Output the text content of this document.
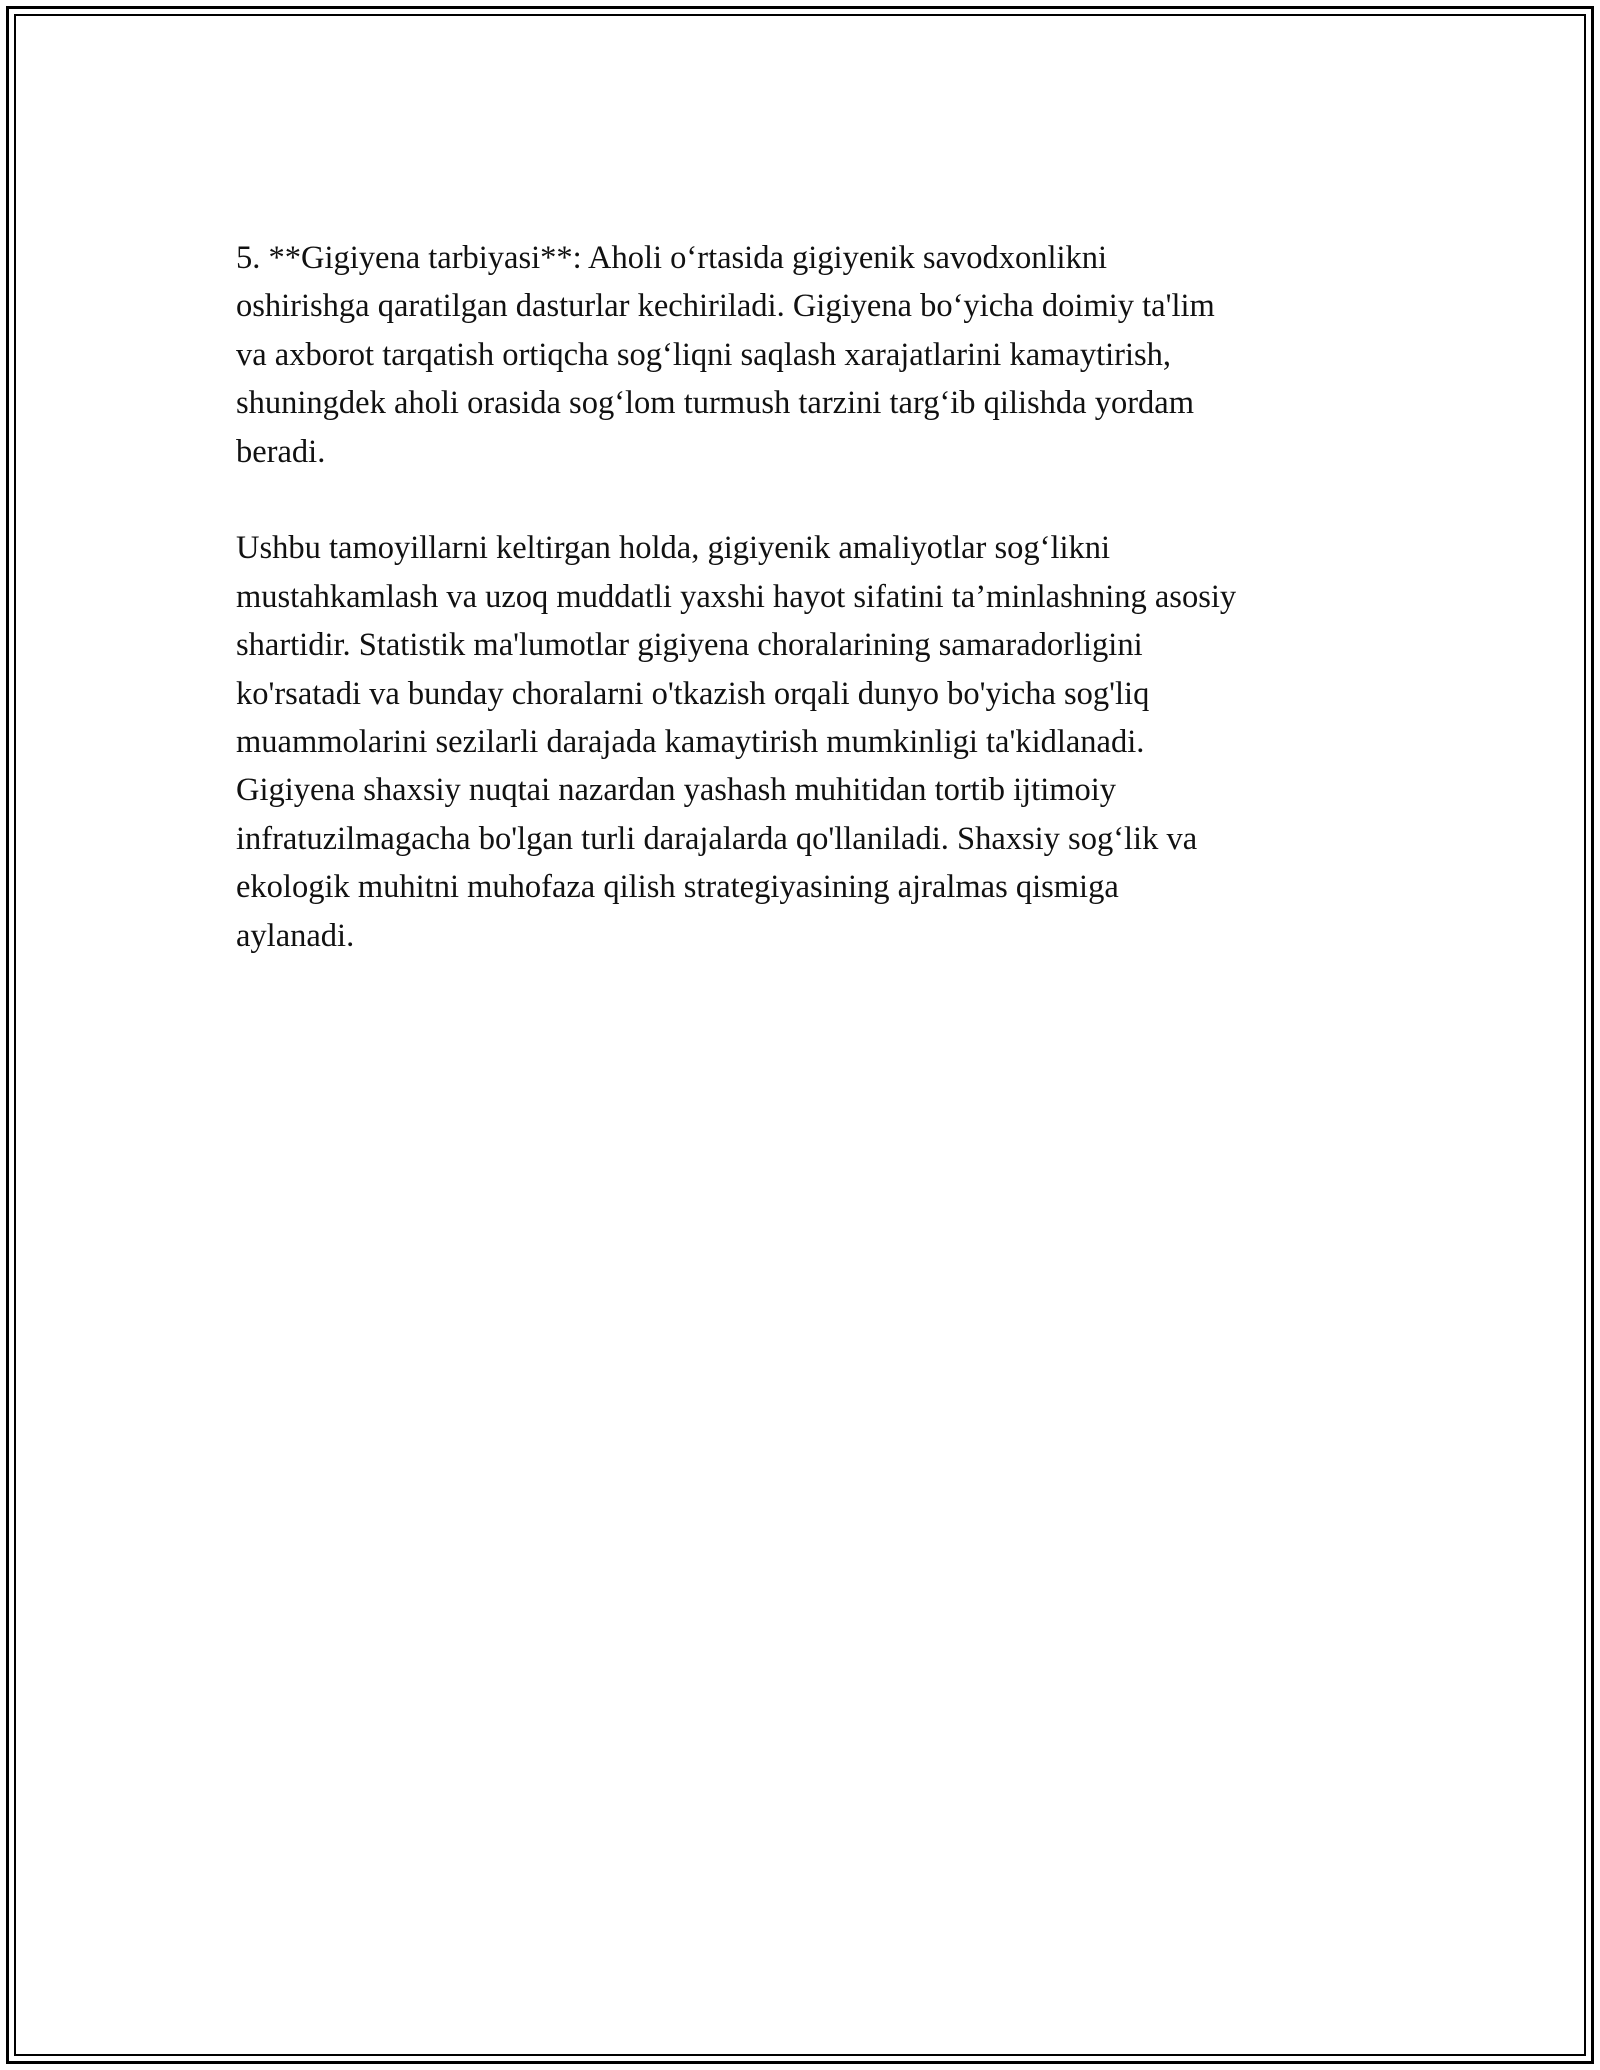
5. **Gigiyena tarbiyasi**: Aholi o‘rtasida gigiyenik savodxonlikni
oshirishga qaratilgan dasturlar kechiriladi. Gigiyena bo‘yicha doimiy ta'lim
va axborot tarqatish ortiqcha sog‘liqni saqlash xarajatlarini kamaytirish,
shuningdek aholi orasida sog‘lom turmush tarzini targ‘ib qilishda yordam
beradi.
Ushbu tamoyillarni keltirgan holda, gigiyenik amaliyotlar sog‘likni
mustahkamlash va uzoq muddatli yaxshi hayot sifatini ta’minlashning asosiy
shartidir. Statistik ma'lumotlar gigiyena choralarining samaradorligini
ko'rsatadi va bunday choralarni o'tkazish orqali dunyo bo'yicha sog'liq
muammolarini sezilarli darajada kamaytirish mumkinligi ta'kidlanadi.
Gigiyena shaxsiy nuqtai nazardan yashash muhitidan tortib ijtimoiy
infratuzilmagacha bo'lgan turli darajalarda qo'llaniladi. Shaxsiy sog‘lik va
ekologik muhitni muhofaza qilish strategiyasining ajralmas qismiga
aylanadi.
